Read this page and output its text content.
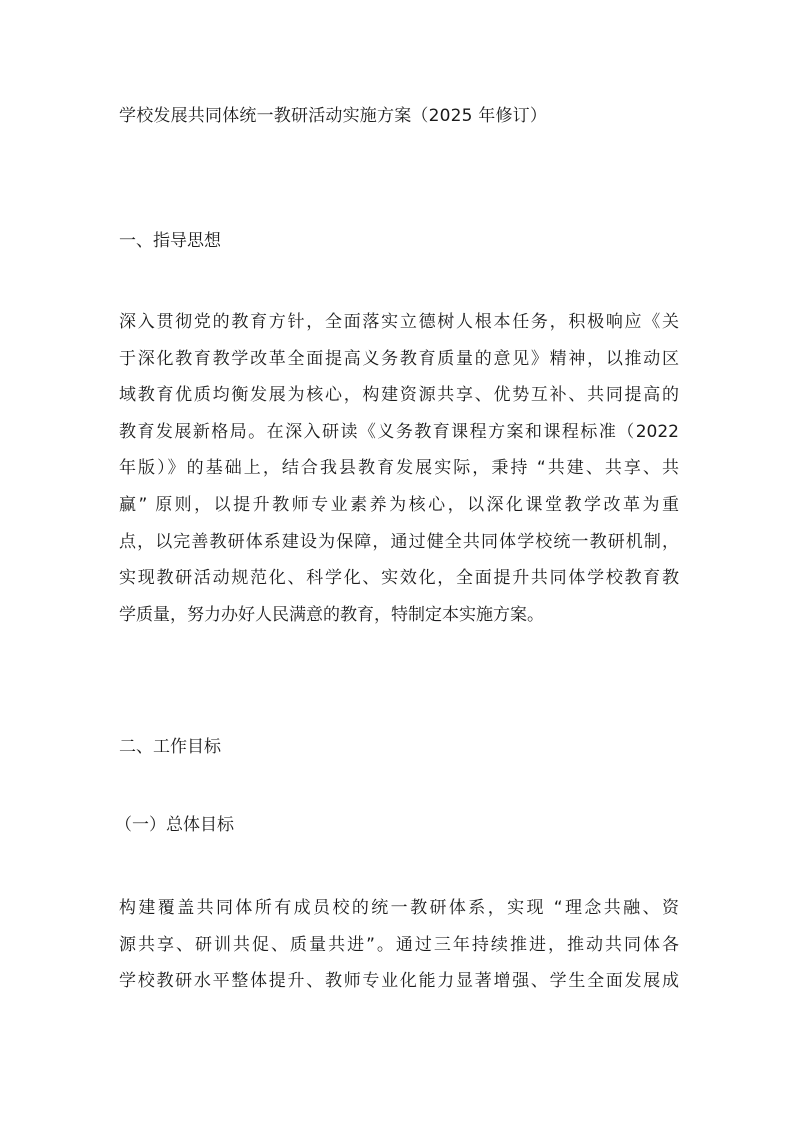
学校发展共同体统一教研活动实施方案（2025 年修订）
一、指导思想
深入贯彻党的教育方针，全面落实立德树人根本任务，积极响应《关
于深化教育教学改革全面提高义务教育质量的意见》精神，以推动区
域教育优质均衡发展为核心，构建资源共享、优势互补、共同提高的
教育发展新格局。在深入研读《义务教育课程方案和课程标准（2022
年版）》的基础上，结合我县教育发展实际，秉持 “共建、共享、共
赢” 原则，以提升教师专业素养为核心，以深化课堂教学改革为重
点，以完善教研体系建设为保障，通过健全共同体学校统一教研机制，
实现教研活动规范化、科学化、实效化，全面提升共同体学校教育教
学质量，努力办好人民满意的教育，特制定本实施方案。
二、工作目标
（一）总体目标
构建覆盖共同体所有成员校的统一教研体系，实现 “理念共融、资
源共享、研训共促、质量共进”。通过三年持续推进，推动共同体各
学校教研水平整体提升、教师专业化能力显著增强、学生全面发展成
